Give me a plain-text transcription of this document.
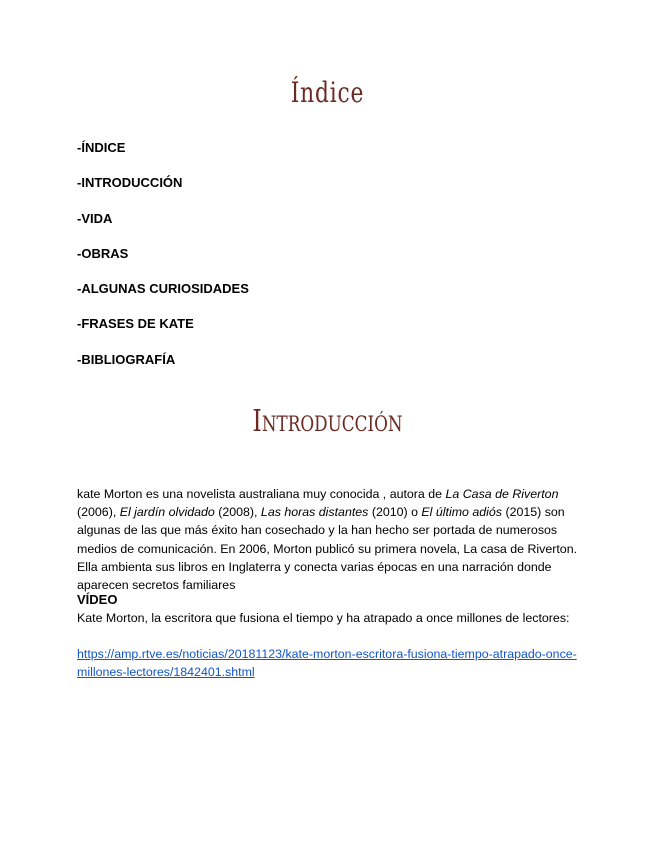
Índice
-ÍNDICE
-INTRODUCCIÓN
-VIDA
-OBRAS
-ALGUNAS CURIOSIDADES
-FRASES DE KATE
-BIBLIOGRAFÍA
Introducción

kate Morton es una novelista australiana muy conocida , autora de La Casa de Riverton (2006), El jardín olvidado (2008), Las horas distantes (2010) o El último adiós (2015) son algunas de las que más éxito han cosechado y la han hecho ser portada de numerosos medios de comunicación. En 2006, Morton publicó su primera novela, La casa de Riverton. Ella ambienta sus libros en Inglaterra y conecta varias épocas en una narración donde aparecen secretos familiares

VÍDEO

Kate Morton, la escritora que fusiona el tiempo y ha atrapado a once millones de lectores:

https://amp.rtve.es/noticias/20181123/kate-morton-escritora-fusiona-tiempo-atrapado-once-millones-lectores/1842401.shtml
